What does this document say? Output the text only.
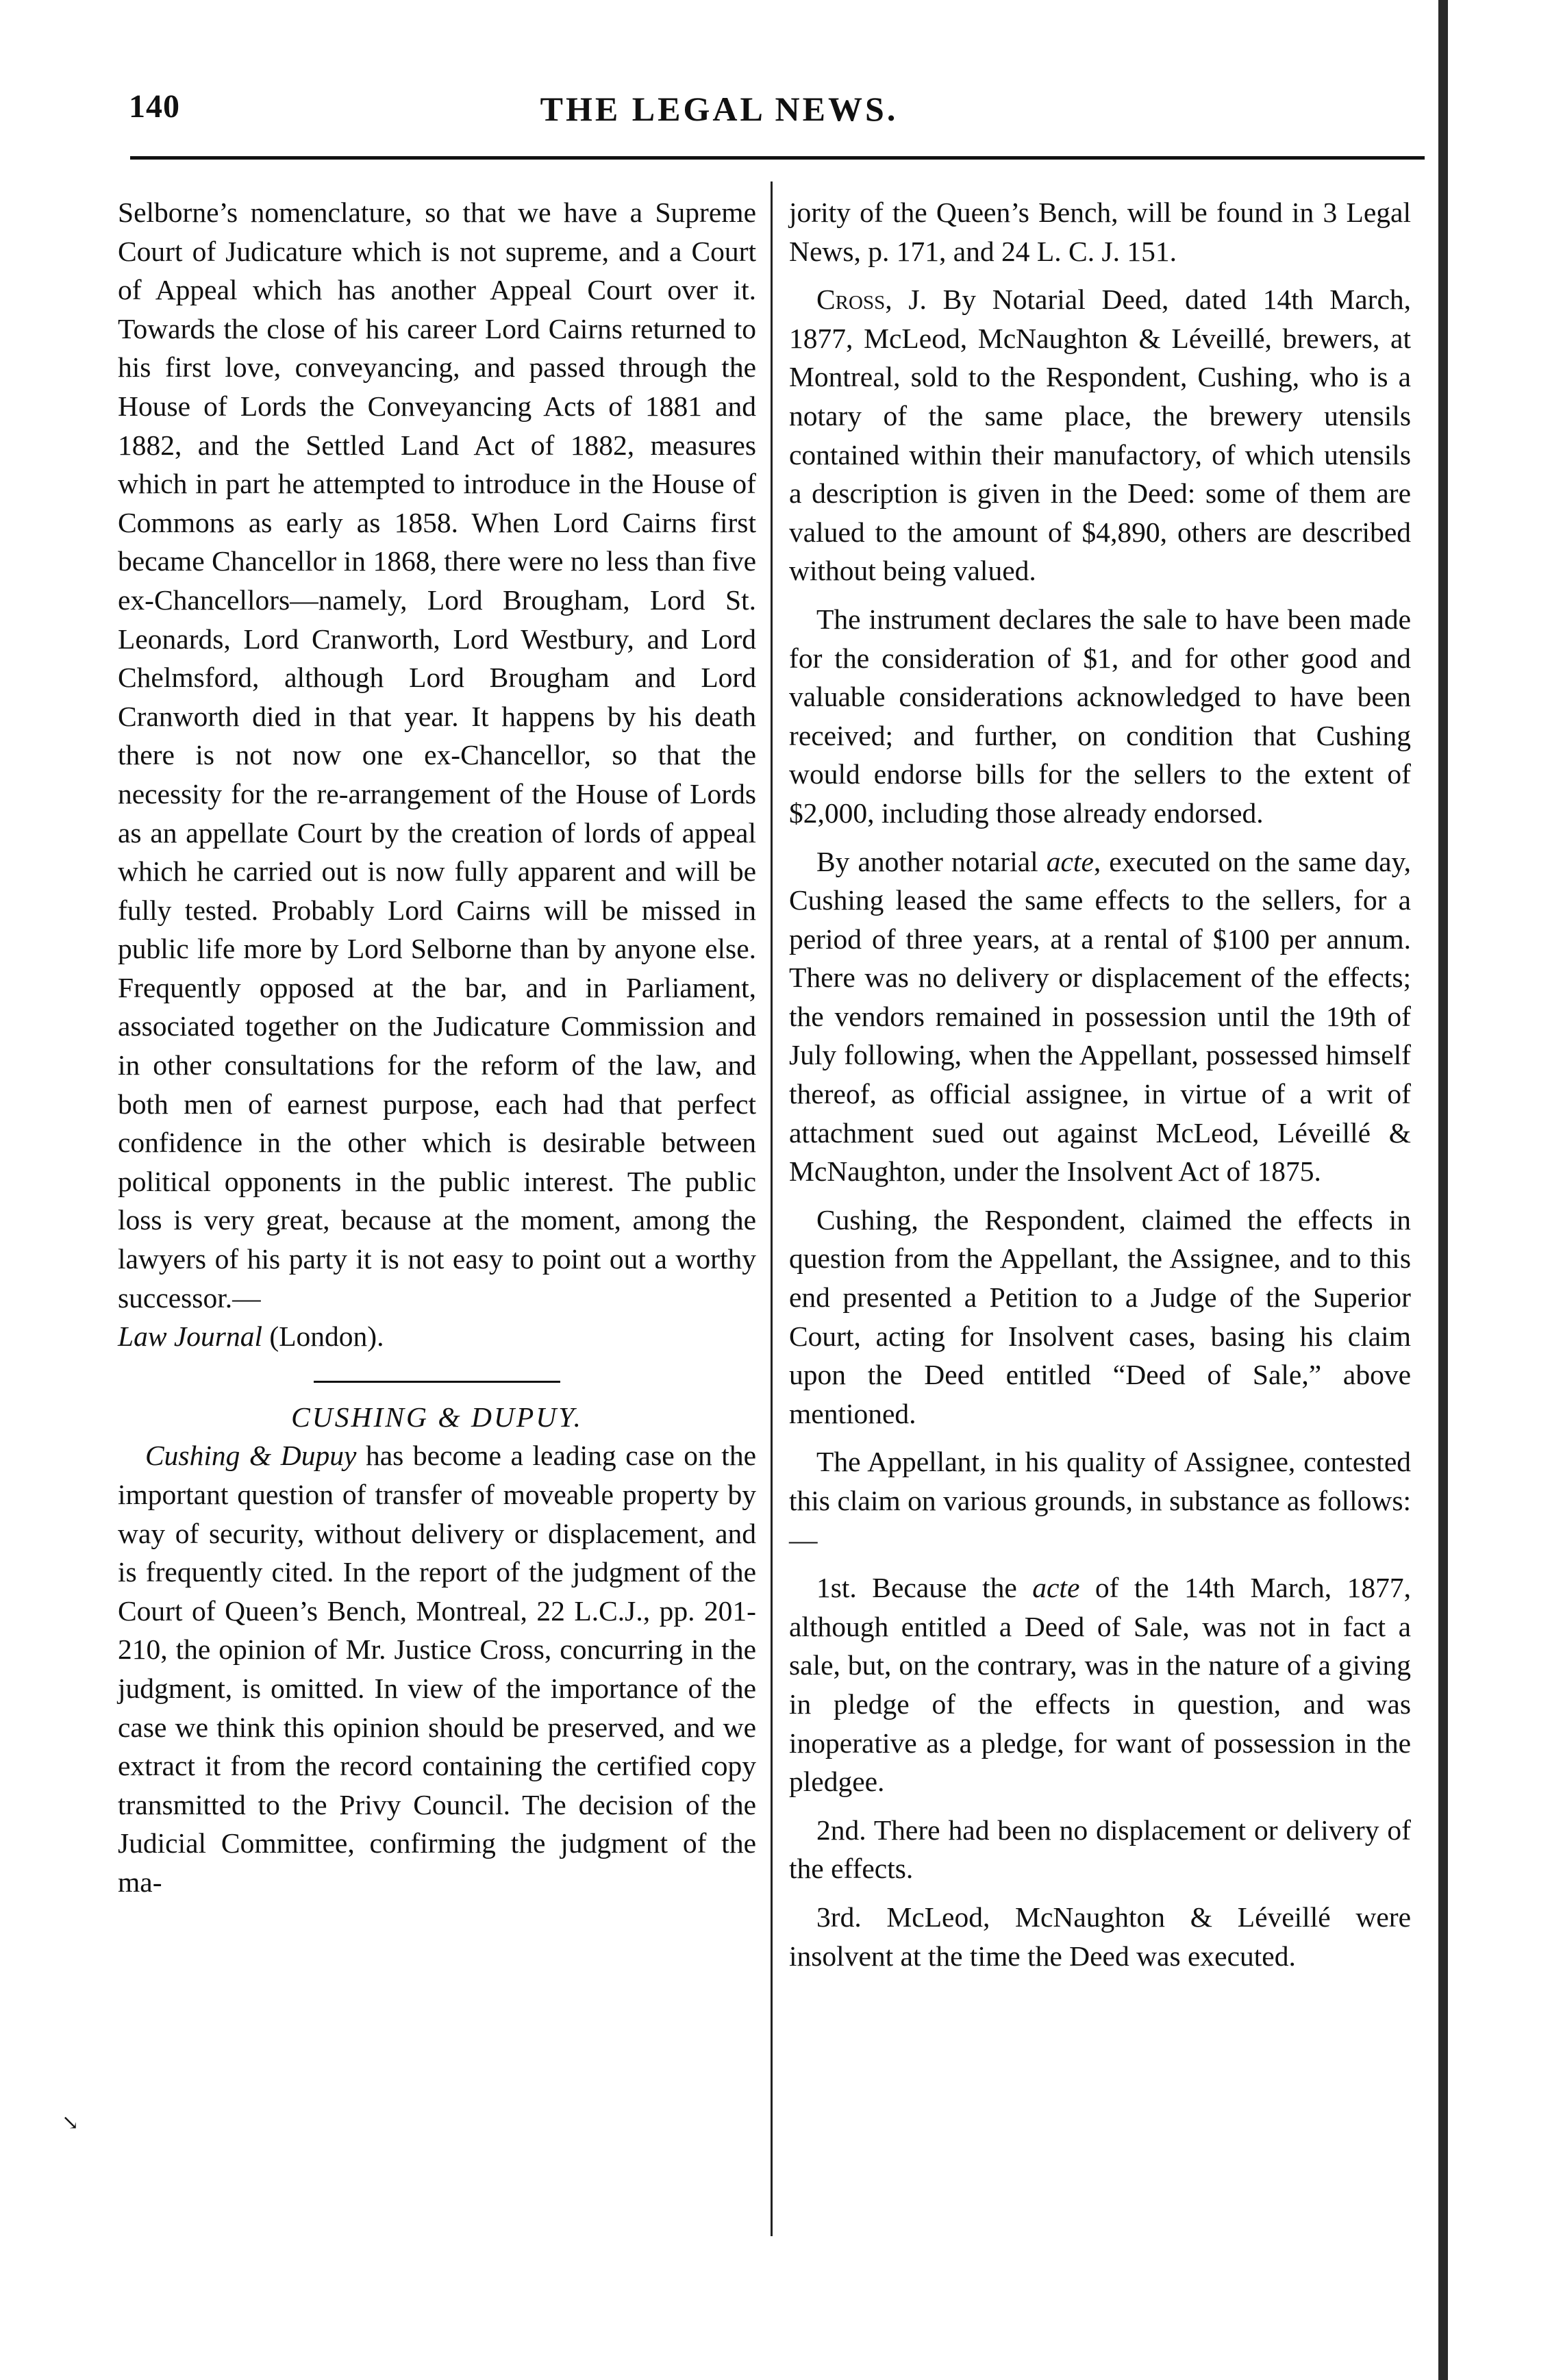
140	THE LEGAL NEWS.
↘

Selborne’s nomenclature, so that we have a Supreme Court of Judicature which is not supreme, and a Court of Appeal which has another Appeal Court over it. Towards the close of his career Lord Cairns returned to his first love, conveyancing, and passed through the House of Lords the Conveyancing Acts of 1881 and 1882, and the Settled Land Act of 1882, measures which in part he attempted to introduce in the House of Commons as early as 1858. When Lord Cairns first became Chancellor in 1868, there were no less than five ex-Chancellors—namely, Lord Brougham, Lord St. Leonards, Lord Cranworth, Lord Westbury, and Lord Chelmsford, although Lord Brougham and Lord Cranworth died in that year. It happens by his death there is not now one ex-Chancellor, so that the necessity for the re-arrangement of the House of Lords as an appellate Court by the creation of lords of appeal which he carried out is now fully apparent and will be fully tested. Probably Lord Cairns will be missed in public life more by Lord Selborne than by anyone else. Frequently opposed at the bar, and in Parliament, associated together on the Judicature Commission and in other consultations for the reform of the law, and both men of earnest purpose, each had that perfect confidence in the other which is desirable between political opponents in the public interest. The public loss is very great, because at the moment, among the lawyers of his party it is not easy to point out a worthy successor.—
Law Journal (London).

CUSHING & DUPUY.

Cushing & Dupuy has become a leading case on the important question of transfer of moveable property by way of security, without delivery or displacement, and is frequently cited. In the report of the judgment of the Court of Queen’s Bench, Montreal, 22 L.C.J., pp. 201-210, the opinion of Mr. Justice Cross, concurring in the judgment, is omitted. In view of the importance of the case we think this opinion should be preserved, and we extract it from the record containing the certified copy transmitted to the Privy Council. The decision of the Judicial Committee, confirming the judgment of the ma-

jority of the Queen’s Bench, will be found in 3 Legal News, p. 171, and 24 L. C. J. 151.

Cross, J. By Notarial Deed, dated 14th March, 1877, McLeod, McNaughton & Léveillé, brewers, at Montreal, sold to the Respondent, Cushing, who is a notary of the same place, the brewery utensils contained within their manufactory, of which utensils a description is given in the Deed: some of them are valued to the amount of $4,890, others are described without being valued.

The instrument declares the sale to have been made for the consideration of $1, and for other good and valuable considerations acknowledged to have been received; and further, on condition that Cushing would endorse bills for the sellers to the extent of $2,000, including those already endorsed.

By another notarial acte, executed on the same day, Cushing leased the same effects to the sellers, for a period of three years, at a rental of $100 per annum. There was no delivery or displacement of the effects; the vendors remained in possession until the 19th of July following, when the Appellant, possessed himself thereof, as official assignee, in virtue of a writ of attachment sued out against McLeod, Léveillé & McNaughton, under the Insolvent Act of 1875.

Cushing, the Respondent, claimed the effects in question from the Appellant, the Assignee, and to this end presented a Petition to a Judge of the Superior Court, acting for Insolvent cases, basing his claim upon the Deed entitled “Deed of Sale,” above mentioned.

The Appellant, in his quality of Assignee, contested this claim on various grounds, in substance as follows:—

1st. Because the acte of the 14th March, 1877, although entitled a Deed of Sale, was not in fact a sale, but, on the contrary, was in the nature of a giving in pledge of the effects in question, and was inoperative as a pledge, for want of possession in the pledgee.

2nd. There had been no displacement or delivery of the effects.

3rd. McLeod, McNaughton & Léveillé were insolvent at the time the Deed was executed.
